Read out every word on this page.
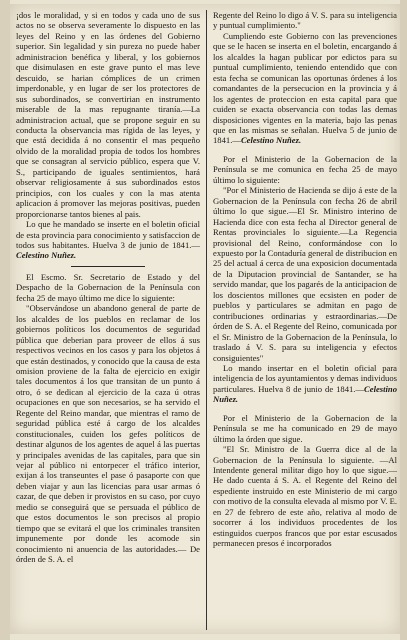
¡dos le moralidad, y si en todos y cada uno de sus actos no se observa severamente lo dispuesto en las leyes del Reino y en las órdenes del Gobierno superior. Sin legalidad y sin pureza no puede haber administracion benéfica y liberal, y los gobiernos que disimulasen en este grave punto el mas leve descuido, se harian cómplices de un crimen imperdonable, y en lugar de ser los protectores de sus subordinados, se convertirian en instrumento miserable de la mas repugnante tiranía.—La administracion actual, que se propone seguir en su conducta la observancia mas rígida de las leyes, y que está decidida á no consentir el mas pequeño olvido de la moralidad propia de todos los hombres que se consagran al servicio público, espera que V. S., participando de iguales sentimientos, hará observar religiosamente á sus subordinados estos principios, con los cuales y con la mas atenta aplicacion á promover las mejoras positivas, pueden proporcionarse tantos bienes al pais.

Lo que he mandado se inserte en el boletin oficial de esta provincia para conocimiento y satisfaccion de todos sus habitantes. Huelva 3 de junio de 1841.—Celestino Nuñez.

El Escmo. Sr. Secretario de Estado y del Despacho de la Gobernacion de la Península con fecha 25 de mayo último me dice lo siguiente:

"Observándose un abandono general de parte de los alcaldes de los pueblos en reclamar de los gobiernos políticos los documentos de seguridad pública que deberian para proveer de ellos á sus respectivos vecinos en los casos y para los objetos á que están destinados, y conocido que la causa de esta omision proviene de la falta de ejercicio en exigir tales documentos á los que transitan de un punto á otro, ó se dedican al ejercicio de la caza ú otras ocupaciones en que son necesarios, se ha servido el Regente del Reino mandar, que mientras el ramo de seguridad pública esté á cargo de los alcaldes constitucionales, cuiden los gefes políticos de destinar algunos de los agentes de aquel á las puertas y principales avenidas de las capitales, para que sin vejar al público ni entorpecer el tráfico interior, exijan á los transeuntes el pase ó pasaporte con que deben viajar y aun las licencias para usar armas ó cazar, de que deben ir provistos en su caso, por cuyo medio se conseguirá que se persuada el público de que estos documentos le son precisos al propio tiempo que se evitará el que los criminales transiten impunemente por donde les acomode sin conocimiento ni anuencia de las autoridades.— De órden de S. A. el

Regente del Reino lo digo á V. S. para su inteligencia y puntual cumplimiento."

Cumpliendo este Gobierno con las prevenciones que se le hacen se inserta en el boletin, encargando á los alcaldes la hagan publicar por edictos para su puntual cumplimiento, teniendo entendido que con esta fecha se comunican las oportunas órdenes á los comandantes de la persecucion en la provincia y á los agentes de proteccion en esta capital para que cuiden se exacta observancia con todas las demas disposiciones vigentes en la materia, bajo las penas que en las mismas se señalan. Huelva 5 de junio de 1841.—Celestino Nuñez.

Por el Ministerio de la Gobernacion de la Península se me comunica en fecha 25 de mayo último lo siguiente:

"Por el Ministerio de Hacienda se dijo á este de la Gobernacion de la Península con fecha 26 de abril último lo que sigue.—El Sr. Ministro interino de Hacienda dice con esta fecha al Director general de Rentas provinciales lo siguiente.—La Regencia provisional del Reino, conformándose con lo expuesto por la Contaduría general de distribucion en 25 del actual á cerca de una exposicion documentada de la Diputacion provincial de Santander, se ha servido mandar, que los pagarés de la anticipacion de los doscientos millones que ecsisten en poder de pueblos y particulares se admitan en pago de contribuciones ordinarias y estraordinarias.—De órden de S. A. el Regente del Reino, comunicada por el Sr. Ministro de la Gobernacion de la Península, lo traslado á V. S. para su inteligencia y efectos consiguientes"

Lo mando insertar en el boletin oficial para inteligencia de los ayuntamientos y demas individuos particulares. Huelva 8 de junio de 1841.—Celestino Nuñez.

Por el Ministerio de la Gobernacion de la Península se me ha comunicado en 29 de mayo último la órden que sigue.

"El Sr. Ministro de la Guerra dice al de la Gobernacion de la Península lo siguiente. —Al Intendente general militar digo hoy lo que sigue.—He dado cuenta á S. A. el Regente del Reino del espediente instruido en este Ministerio de mi cargo con motivo de la consulta elevada al mismo por V. E. en 27 de febrero de este año, relativa al modo de socorrer á los individuos procedentes de los estinguidos cuerpos francos que por estar escusados permanecen presos é incorporados
